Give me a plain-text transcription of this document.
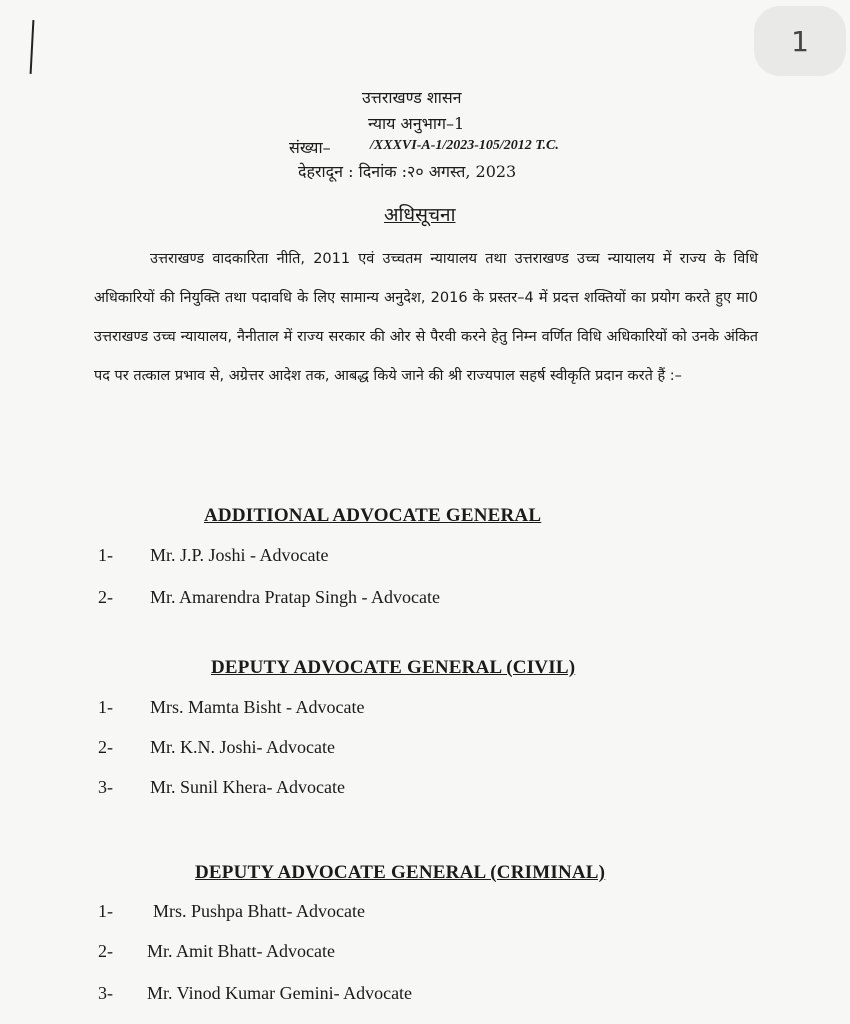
1
उत्तराखण्ड शासन
न्याय अनुभाग–1
संख्या–	/XXXVI-A-1/2023-105/2012 T.C.
देहरादून : दिनांक :२० अगस्त, 2023
अधिसूचना
उत्तराखण्ड वादकारिता नीति, 2011 एवं उच्चतम न्यायालय तथा उत्तराखण्ड उच्च न्यायालय में राज्य के विधि अधिकारियों की नियुक्ति तथा पदावधि के लिए सामान्य अनुदेश, 2016 के प्रस्तर–4 में प्रदत्त शक्तियों का प्रयोग करते हुए मा0 उत्तराखण्ड उच्च न्यायालय, नैनीताल में राज्य सरकार की ओर से पैरवी करने हेतु निम्न वर्णित विधि अधिकारियों को उनके अंकित पद पर तत्काल प्रभाव से, अग्रेत्तर आदेश तक, आबद्ध किये जाने की श्री राज्यपाल सहर्ष स्वीकृति प्रदान करते हैं :–
ADDITIONAL ADVOCATE GENERAL
1- Mr. J.P. Joshi - Advocate
2- Mr. Amarendra Pratap Singh - Advocate
DEPUTY ADVOCATE GENERAL (CIVIL)
1- Mrs. Mamta Bisht - Advocate
2- Mr. K.N. Joshi- Advocate
3- Mr. Sunil Khera- Advocate
DEPUTY ADVOCATE GENERAL (CRIMINAL)
1- Mrs. Pushpa Bhatt- Advocate
2- Mr. Amit Bhatt- Advocate
3- Mr. Vinod Kumar Gemini- Advocate
